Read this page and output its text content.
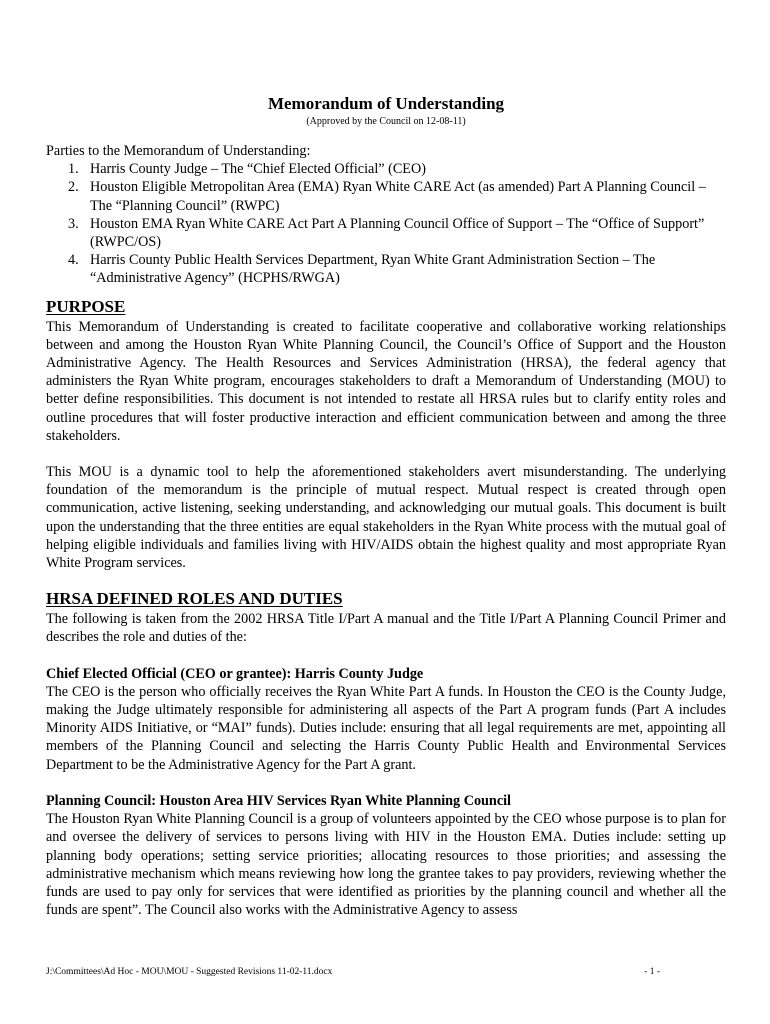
Memorandum of Understanding
(Approved by the Council on 12-08-11)

Parties to the Memorandum of Understanding:

1. Harris County Judge – The “Chief Elected Official” (CEO)
2. Houston Eligible Metropolitan Area (EMA) Ryan White CARE Act (as amended) Part A Planning Council – The “Planning Council” (RWPC)
3. Houston EMA Ryan White CARE Act Part A Planning Council Office of Support – The “Office of Support” (RWPC/OS)
4. Harris County Public Health Services Department, Ryan White Grant Administration Section – The “Administrative Agency” (HCPHS/RWGA)
PURPOSE

This Memorandum of Understanding is created to facilitate cooperative and collaborative working relationships between and among the Houston Ryan White Planning Council, the Council’s Office of Support and the Houston Administrative Agency. The Health Resources and Services Administration (HRSA), the federal agency that administers the Ryan White program, encourages stakeholders to draft a Memorandum of Understanding (MOU) to better define responsibilities. This document is not intended to restate all HRSA rules but to clarify entity roles and outline procedures that will foster productive interaction and efficient communication between and among the three stakeholders.

This MOU is a dynamic tool to help the aforementioned stakeholders avert misunderstanding. The underlying foundation of the memorandum is the principle of mutual respect. Mutual respect is created through open communication, active listening, seeking understanding, and acknowledging our mutual goals. This document is built upon the understanding that the three entities are equal stakeholders in the Ryan White process with the mutual goal of helping eligible individuals and families living with HIV/AIDS obtain the highest quality and most appropriate Ryan White Program services.

HRSA DEFINED ROLES AND DUTIES

The following is taken from the 2002 HRSA Title I/Part A manual and the Title I/Part A Planning Council Primer and describes the role and duties of the:

Chief Elected Official (CEO or grantee): Harris County Judge

The CEO is the person who officially receives the Ryan White Part A funds. In Houston the CEO is the County Judge, making the Judge ultimately responsible for administering all aspects of the Part A program funds (Part A includes Minority AIDS Initiative, or “MAI” funds). Duties include: ensuring that all legal requirements are met, appointing all members of the Planning Council and selecting the Harris County Public Health and Environmental Services Department to be the Administrative Agency for the Part A grant.

Planning Council: Houston Area HIV Services Ryan White Planning Council

The Houston Ryan White Planning Council is a group of volunteers appointed by the CEO whose purpose is to plan for and oversee the delivery of services to persons living with HIV in the Houston EMA. Duties include: setting up planning body operations; setting service priorities; allocating resources to those priorities; and assessing the administrative mechanism which means reviewing how long the grantee takes to pay providers, reviewing whether the funds are used to pay only for services that were identified as priorities by the planning council and whether all the funds are spent”. The Council also works with the Administrative Agency to assess

J:\Committees\Ad Hoc - MOU\MOU - Suggested Revisions 11-02-11.docx	- 1 -
